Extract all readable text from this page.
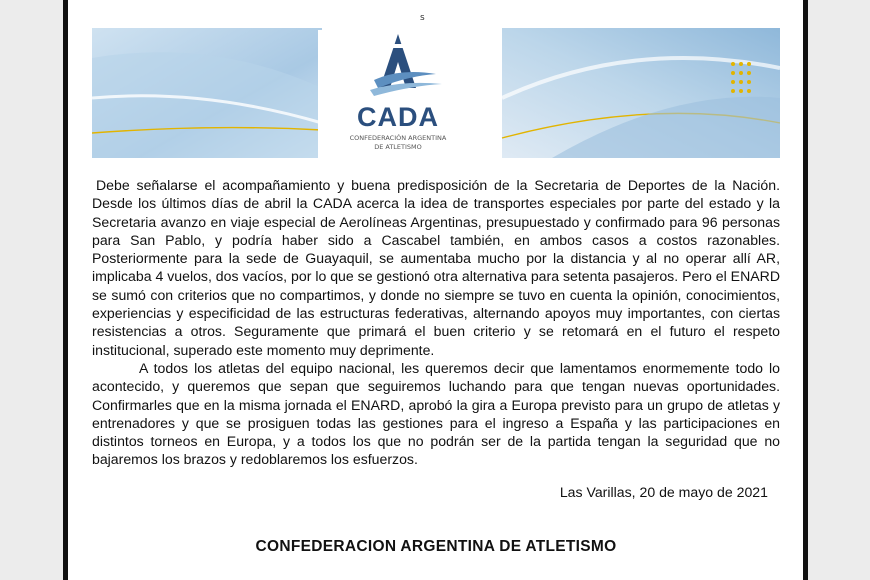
s
CADA
CONFEDERACIÓN ARGENTINA
DE ATLETISMO

Debe señalarse el acompañamiento y buena predisposición de la Secretaria de Deportes de la Nación. Desde los últimos días de abril la CADA acerca la idea de transportes especiales por parte del estado y la Secretaria avanzo en viaje especial de Aerolíneas Argentinas, presupuestado y confirmado para 96 personas para San Pablo, y podría haber sido a Cascabel también, en ambos casos a costos razonables. Posteriormente para la sede de Guayaquil, se aumentaba mucho por la distancia y al no operar allí AR, implicaba 4 vuelos, dos vacíos, por lo que se gestionó otra alternativa para setenta pasajeros. Pero el ENARD se sumó con criterios que no compartimos, y donde no siempre se tuvo en cuenta la opinión, conocimientos, experiencias y especificidad de las estructuras federativas, alternando apoyos muy importantes, con ciertas resistencias a otros. Seguramente que primará el buen criterio y se retomará en el futuro el respeto institucional, superado este momento muy deprimente.

A todos los atletas del equipo nacional, les queremos decir que lamentamos enormemente todo lo acontecido, y queremos que sepan que seguiremos luchando para que tengan nuevas oportunidades. Confirmarles que en la misma jornada el ENARD, aprobó la gira a Europa previsto para un grupo de atletas y entrenadores y que se prosiguen todas las gestiones para el ingreso a España y las participaciones en distintos torneos en Europa, y a todos los que no podrán ser de la partida tengan la seguridad que no bajaremos los brazos y redoblaremos los esfuerzos.

Las Varillas, 20 de mayo de 2021
CONFEDERACION ARGENTINA DE ATLETISMO
